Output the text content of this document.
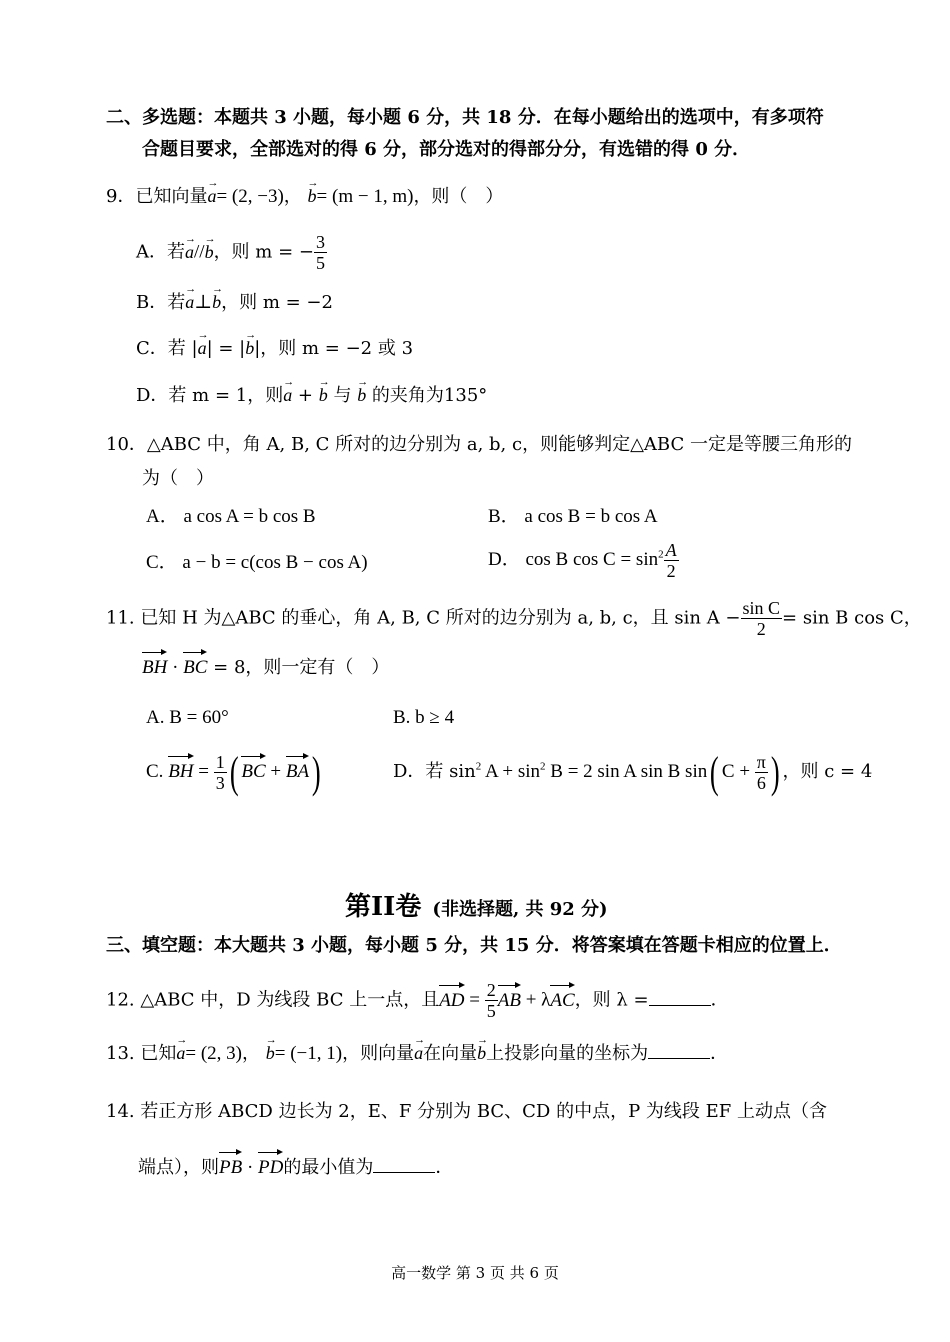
二、多选题：本题共 3 小题，每小题 6 分，共 18 分．在每小题给出的选项中，有多项符
合题目要求，全部选对的得 6 分，部分选对的得部分分，有选错的得 0 分．
9．已知向量→ a= (2, −3)， → b= (m − 1, m)，则（　）
A．若→ a//→ b，则 m = − $\frac{3}{5}$
B．若→ a⊥→ b，则 m = −2
C．若 |→ a| = |→ b|，则 m = −2 或 3
D．若 m = 1，则→ a + → b 与 → b 的夹角为135°
10．△ABC 中，角 A, B, C 所对的边分别为 a, b, c，则能够判定△ABC 一定是等腰三角形的
为（　）
A． a cos A = b cos B	B． a cos B = b cos A
C． a − b = c(cos B − cos A)	D． cos B $\cos C = \sin^2 \frac{A}{2}$
11. 已知 H 为△ABC 的垂心，角 A, B, C 所对的边分别为 a, b, c，且 $\sin A - \frac{\text{sin C}}{2} = \sin B$ cos C，
BH · BC = 8，则一定有（　）
A. B = 60°	B. b ≥ 4
C. BH = $\frac{1}{3}$ ( BC + BA)	D．若 $\sin^2 A + \sin^2 B = 2$ sin A sin B sin( $C + \frac{\pi}{6}$ ) ，则 c = 4
第II卷 (非选择题, 共 92 分)
三、填空题：本大题共 3 小题，每小题 5 分，共 15 分．将答案填在答题卡相应的位置上．
12. △ABC 中，D 为线段 BC 上一点，且AD = $\frac{2}{5}$ AB + λAC，则 λ =	．
13. 已知→ a= (2, 3)， → b= (−1, 1)，则向量→ a在向量→ b上投影向量的坐标为	．
14. 若正方形 ABCD 边长为 2，E、F 分别为 BC、CD 的中点，P 为线段 EF 上动点（含
端点），则PB · PD的最小值为	．
高一数学 第 3 页 共 6 页
